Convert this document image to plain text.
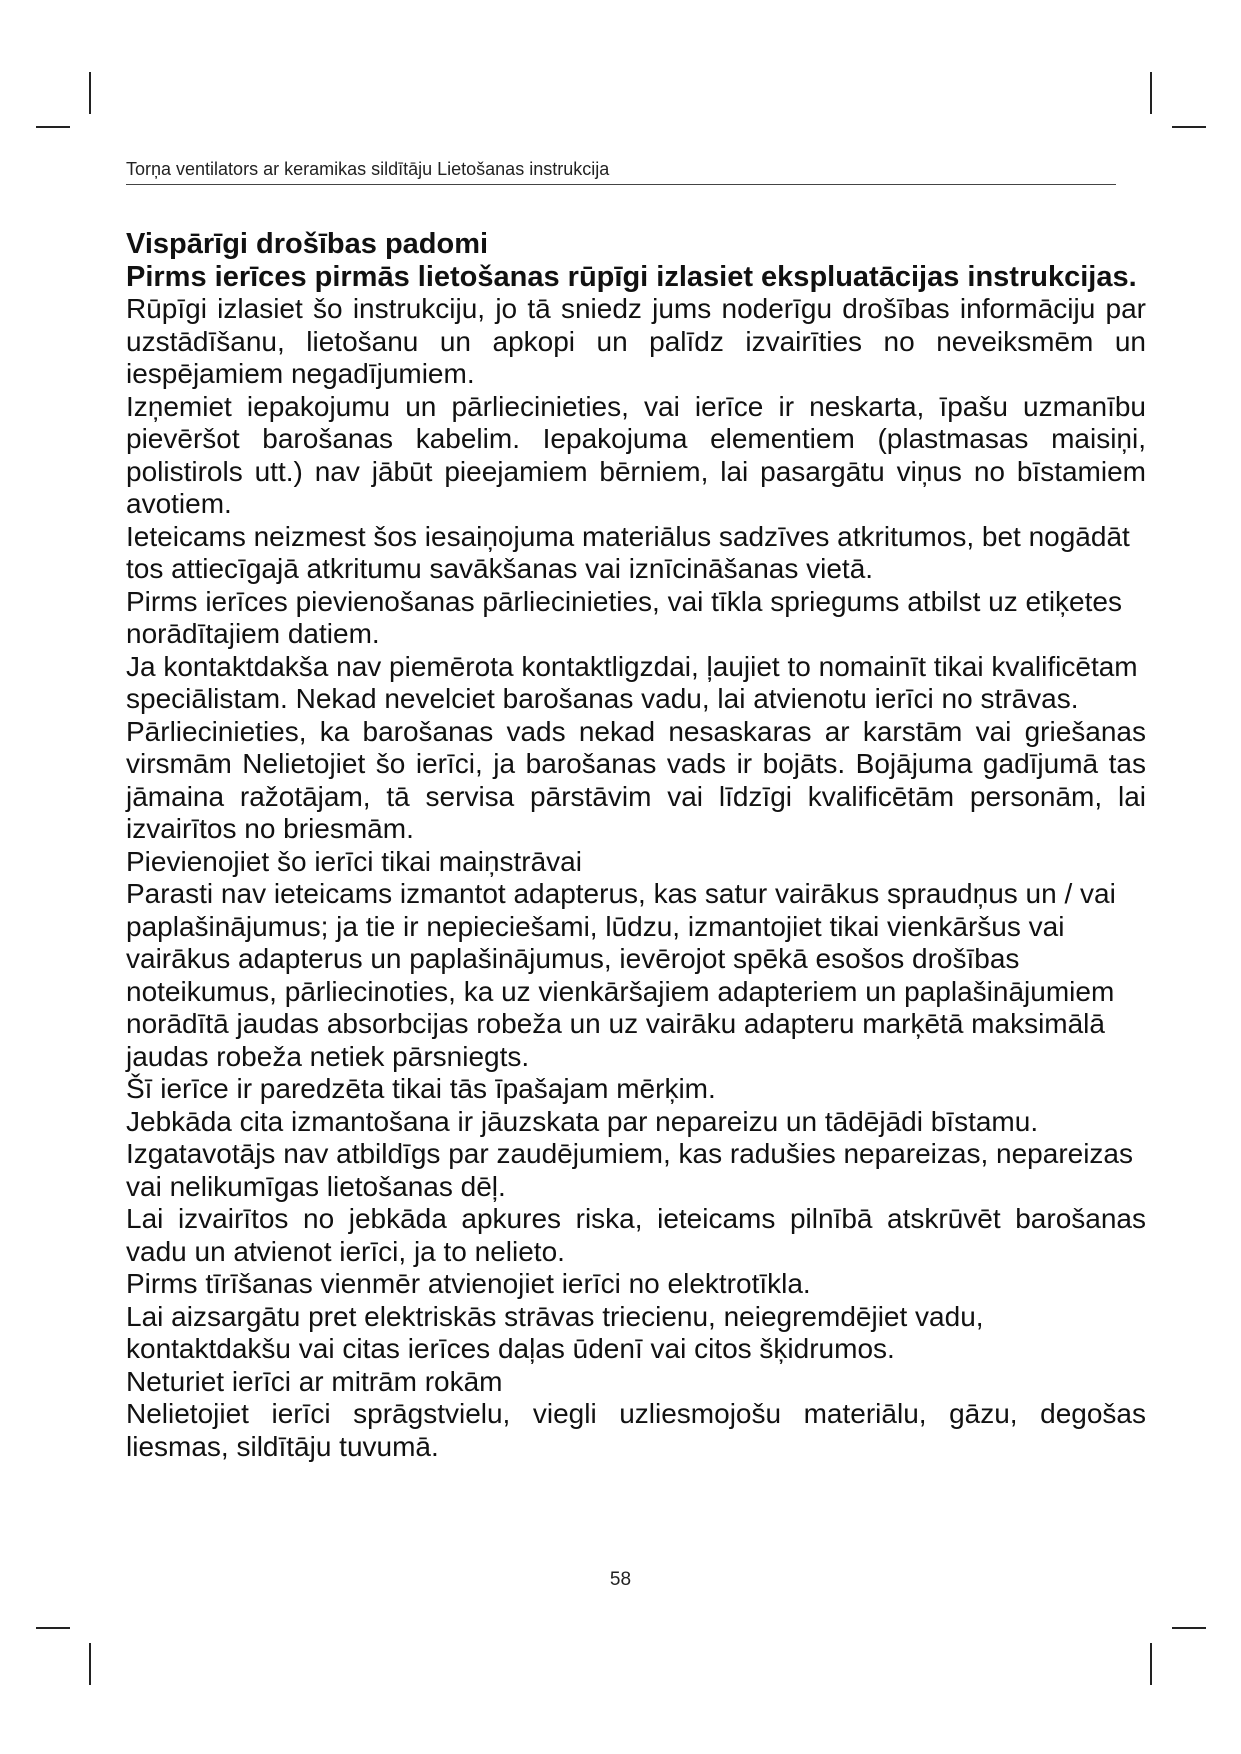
Torņa ventilators ar keramikas sildītāju Lietošanas instrukcija

Vispārīgi drošības padomi

Pirms ierīces pirmās lietošanas rūpīgi izlasiet ekspluatācijas instrukcijas.

Rūpīgi izlasiet šo instrukciju, jo tā sniedz jums noderīgu drošības informāciju par uzstādīšanu, lietošanu un apkopi un palīdz izvairīties no neveiksmēm un iespējamiem negadījumiem.

Izņemiet iepakojumu un pārliecinieties, vai ierīce ir neskarta, īpašu uzmanību pievēršot barošanas kabelim. Iepakojuma elementiem (plastmasas maisiņi, polistirols utt.) nav jābūt pieejamiem bērniem, lai pasargātu viņus no bīstamiem avotiem.

Ieteicams neizmest šos iesaiņojuma materiālus sadzīves atkritumos, bet nogādāt tos attiecīgajā atkritumu savākšanas vai iznīcināšanas vietā.

Pirms ierīces pievienošanas pārliecinieties, vai tīkla spriegums atbilst uz etiķetes norādītajiem datiem.

Ja kontaktdakša nav piemērota kontaktligzdai, ļaujiet to nomainīt tikai kvalificētam speciālistam. Nekad nevelciet barošanas vadu, lai atvienotu ierīci no strāvas.

Pārliecinieties, ka barošanas vads nekad nesaskaras ar karstām vai griešanas virsmām Nelietojiet šo ierīci, ja barošanas vads ir bojāts. Bojājuma gadījumā tas jāmaina ražotājam, tā servisa pārstāvim vai līdzīgi kvalificētām personām, lai izvairītos no briesmām.

Pievienojiet šo ierīci tikai maiņstrāvai

Parasti nav ieteicams izmantot adapterus, kas satur vairākus spraudņus un / vai paplašinājumus; ja tie ir nepieciešami, lūdzu, izmantojiet tikai vienkāršus vai vairākus adapterus un paplašinājumus, ievērojot spēkā esošos drošības noteikumus, pārliecinoties, ka uz vienkāršajiem adapteriem un paplašinājumiem norādītā jaudas absorbcijas robeža un uz vairāku adapteru marķētā maksimālā jaudas robeža netiek pārsniegts.

Šī ierīce ir paredzēta tikai tās īpašajam mērķim.

Jebkāda cita izmantošana ir jāuzskata par nepareizu un tādējādi bīstamu.

Izgatavotājs nav atbildīgs par zaudējumiem, kas radušies nepareizas, nepareizas vai nelikumīgas lietošanas dēļ.

Lai izvairītos no jebkāda apkures riska, ieteicams pilnībā atskrūvēt barošanas vadu un atvienot ierīci, ja to nelieto.

Pirms tīrīšanas vienmēr atvienojiet ierīci no elektrotīkla.

Lai aizsargātu pret elektriskās strāvas triecienu, neiegremdējiet vadu, kontaktdakšu vai citas ierīces daļas ūdenī vai citos šķidrumos.

Neturiet ierīci ar mitrām rokām

Nelietojiet ierīci sprāgstvielu, viegli uzliesmojošu materiālu, gāzu, degošas liesmas, sildītāju tuvumā.

58
